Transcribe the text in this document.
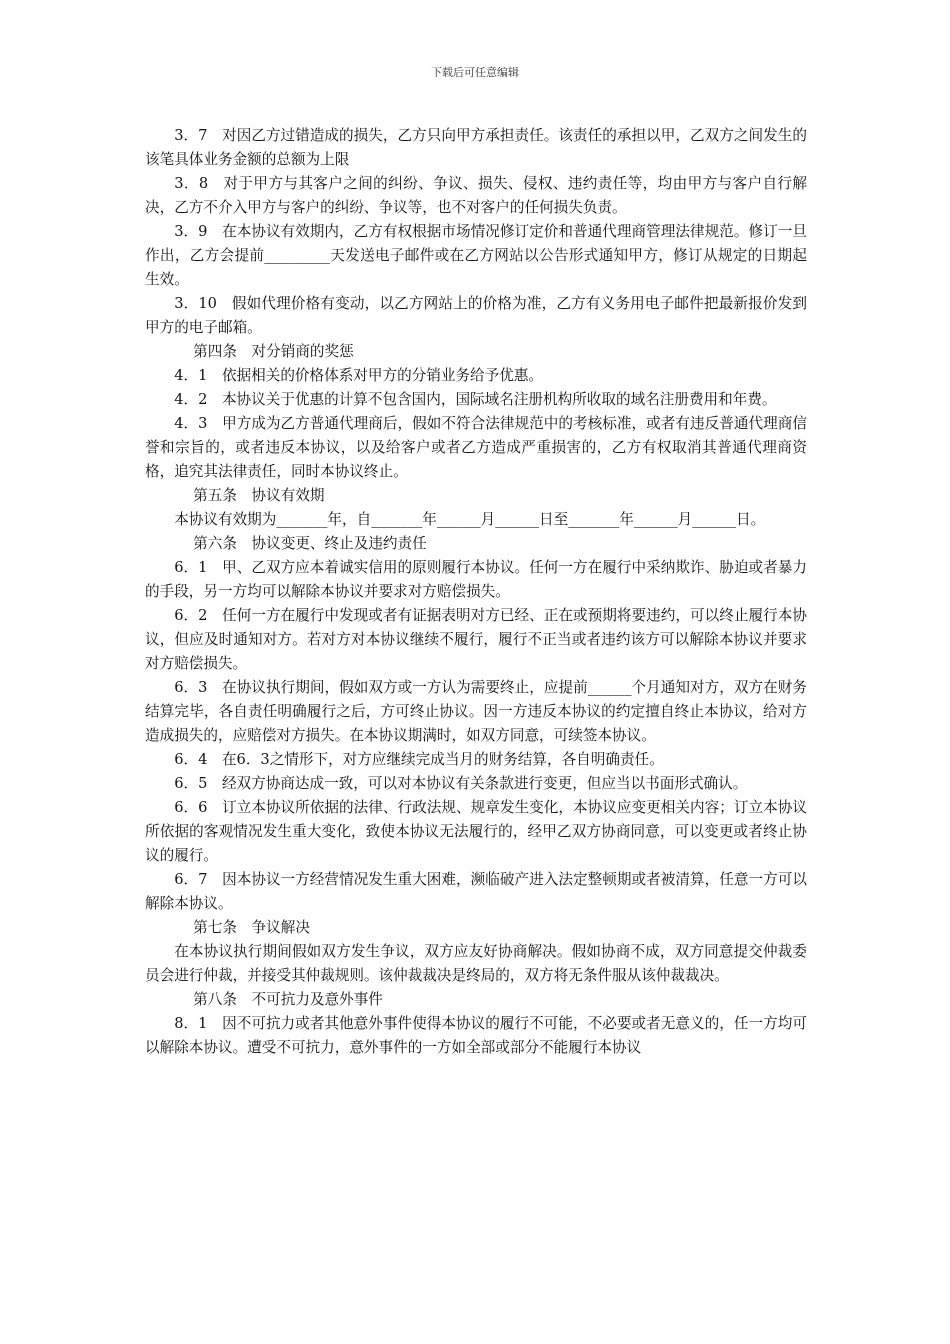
下载后可任意编辑

3．7　对因乙方过错造成的损失，乙方只向甲方承担责任。该责任的承担以甲，乙双方之间发生的该笔具体业务金额的总额为上限

3．8　对于甲方与其客户之间的纠纷、争议、损失、侵权、违约责任等，均由甲方与客户自行解决，乙方不介入甲方与客户的纠纷、争议等，也不对客户的任何损失负责。

3．9　在本协议有效期内，乙方有权根据市场情况修订定价和普通代理商管理法律规范。修订一旦作出，乙方会提前_________天发送电子邮件或在乙方网站以公告形式通知甲方，修订从规定的日期起生效。

3．10　假如代理价格有变动，以乙方网站上的价格为准，乙方有义务用电子邮件把最新报价发到甲方的电子邮箱。

第四条　对分销商的奖惩

4．1　依据相关的价格体系对甲方的分销业务给予优惠。

4．2　本协议关于优惠的计算不包含国内，国际域名注册机构所收取的域名注册费用和年费。

4．3　甲方成为乙方普通代理商后，假如不符合法律规范中的考核标准，或者有违反普通代理商信誉和宗旨的，或者违反本协议，以及给客户或者乙方造成严重损害的，乙方有权取消其普通代理商资格，追究其法律责任，同时本协议终止。

第五条　协议有效期

本协议有效期为_______年，自_______年______月______日至_______年______月______日。

第六条　协议变更、终止及违约责任

6．1　甲、乙双方应本着诚实信用的原则履行本协议。任何一方在履行中采纳欺诈、胁迫或者暴力的手段，另一方均可以解除本协议并要求对方赔偿损失。

6．2　任何一方在履行中发现或者有证据表明对方已经、正在或预期将要违约，可以终止履行本协议，但应及时通知对方。若对方对本协议继续不履行，履行不正当或者违约该方可以解除本协议并要求对方赔偿损失。

6．3　在协议执行期间，假如双方或一方认为需要终止，应提前______个月通知对方，双方在财务结算完毕，各自责任明确履行之后，方可终止协议。因一方违反本协议的约定擅自终止本协议，给对方造成损失的，应赔偿对方损失。在本协议期满时，如双方同意，可续签本协议。

6．4　在6．3之情形下，对方应继续完成当月的财务结算，各自明确责任。

6．5　经双方协商达成一致，可以对本协议有关条款进行变更，但应当以书面形式确认。

6．6　订立本协议所依据的法律、行政法规、规章发生变化，本协议应变更相关内容；订立本协议所依据的客观情况发生重大变化，致使本协议无法履行的，经甲乙双方协商同意，可以变更或者终止协议的履行。

6．7　因本协议一方经营情况发生重大困难，濒临破产进入法定整顿期或者被清算，任意一方可以解除本协议。

第七条　争议解决

在本协议执行期间假如双方发生争议，双方应友好协商解决。假如协商不成，双方同意提交仲裁委员会进行仲裁，并接受其仲裁规则。该仲裁裁决是终局的，双方将无条件服从该仲裁裁决。

第八条　不可抗力及意外事件

8．1　因不可抗力或者其他意外事件使得本协议的履行不可能，不必要或者无意义的，任一方均可以解除本协议。遭受不可抗力，意外事件的一方如全部或部分不能履行本协议
